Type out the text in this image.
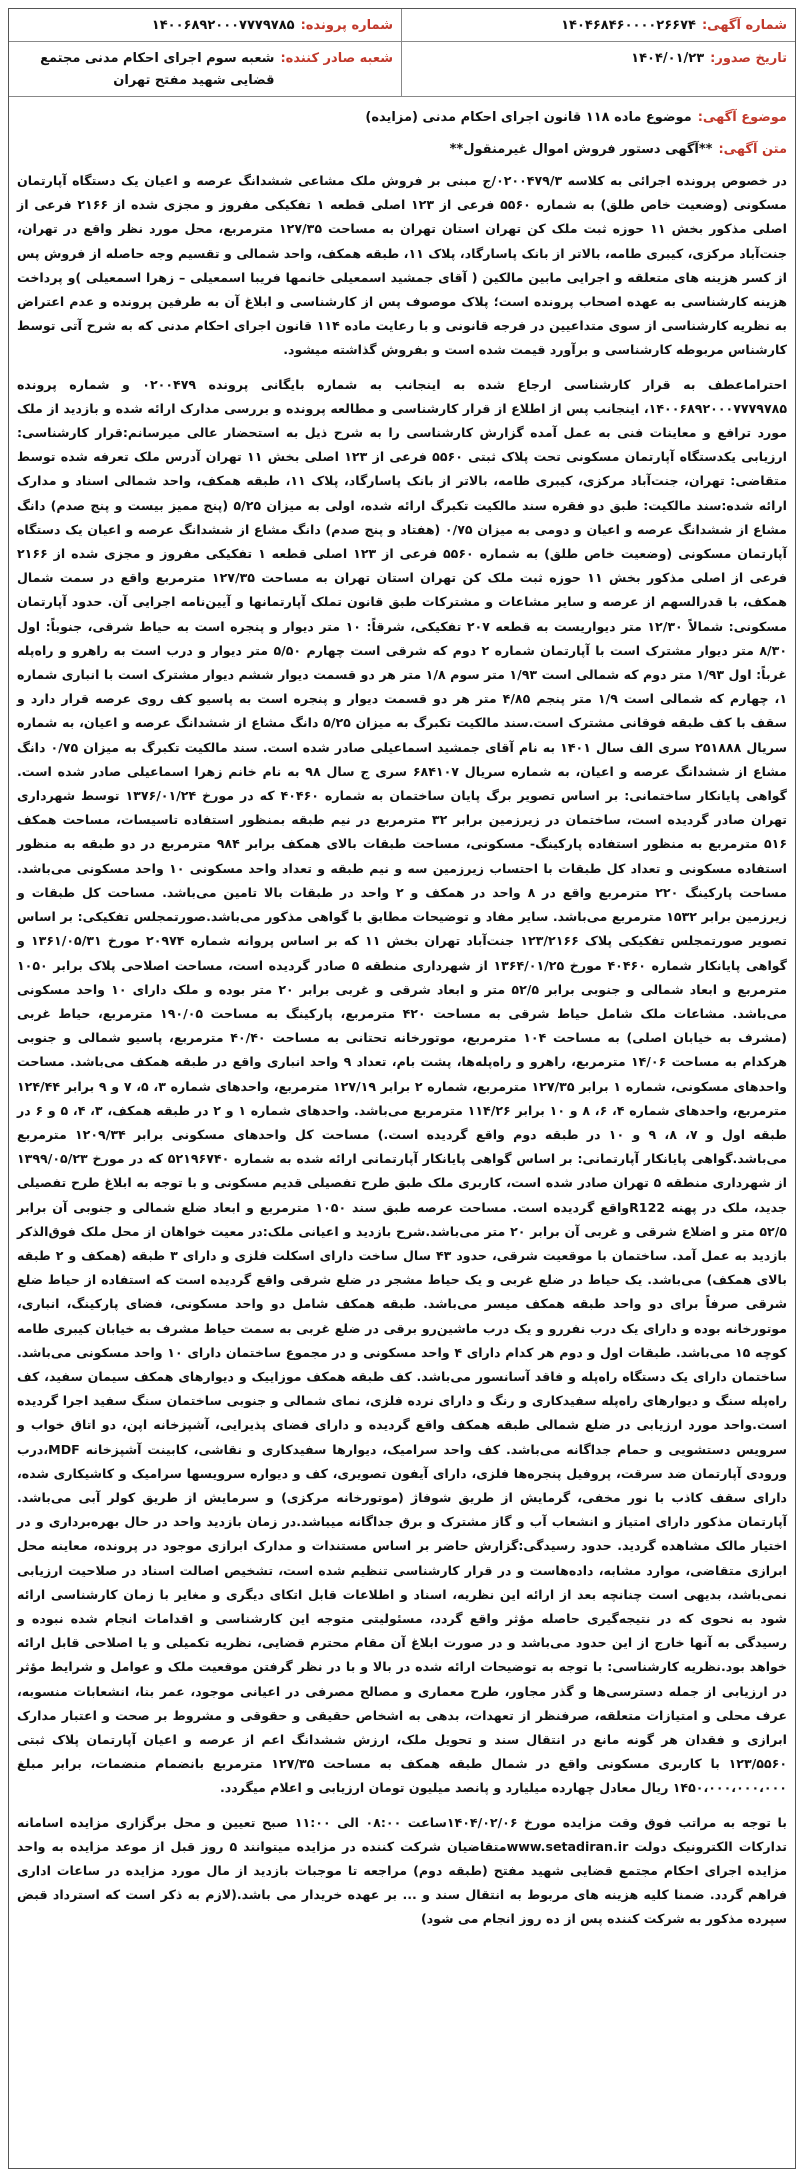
شماره آگهی:
۱۴۰۴۶۸۴۶۰۰۰۰۲۶۶۷۴
شماره پرونده:
۱۴۰۰۶۸۹۲۰۰۰۷۷۷۹۷۸۵
تاریخ صدور:
۱۴۰۴/۰۱/۲۳
شعبه صادر کننده:
شعبه سوم اجرای احکام مدنی مجتمع قضایی شهید مفتح تهران
موضوع آگهی:
موضوع ماده ۱۱۸ قانون اجرای احکام مدنی (مزایده)
متن آگهی:
**آگهی دستور فروش اموال غیرمنقول**

در خصوص پرونده اجرائی به کلاسه ۰۲۰۰۴۷۹/۳/ج مبنی بر فروش ملک مشاعی ششدانگ عرصه و اعیان یک دستگاه آپارتمان مسکونی (وضعیت خاص طلق) به شماره ۵۵۶۰ فرعی از ۱۲۳ اصلی قطعه ۱ تفکیکی مفروز و مجزی شده از ۲۱۶۶ فرعی از اصلی مذکور بخش ۱۱ حوزه ثبت ملک کن تهران استان تهران به مساحت ۱۲۷/۳۵ مترمربع، محل مورد نظر واقع در تهران، جنت‌آباد مرکزی، کیبری طامه، بالاتر از بانک پاسارگاد، پلاک ۱۱، طبقه همکف، واحد شمالی و تقسیم وجه حاصله از فروش پس از کسر هزینه های متعلقه و اجرایی مابین مالکین ( آقای جمشید اسمعیلی خانمها فریبا اسمعیلی – زهرا اسمعیلی )و پرداخت هزینه کارشناسی به عهده اصحاب پرونده است؛ پلاک موصوف پس از کارشناسی و ابلاغ آن به طرفین پرونده و عدم اعتراض به نظریه کارشناسی از سوی متداعیین در فرجه قانونی و با رعایت ماده ۱۱۴ قانون اجرای احکام مدنی که به شرح آتی توسط کارشناس مربوطه کارشناسی و برآورد قیمت شده است و بفروش گذاشته میشود.

احتراماعطف به قرار کارشناسی ارجاع شده به اینجانب به شماره بایگانی پرونده ۰۲۰۰۴۷۹ و شماره پرونده ۱۴۰۰۶۸۹۲۰۰۰۷۷۷۹۷۸۵، اینجانب پس از اطلاع از قرار کارشناسی و مطالعه پرونده و بررسی مدارک ارائه شده و بازدید از ملک مورد ترافع و معاینات فنی به عمل آمده گزارش کارشناسی را به شرح ذیل به استحضار عالی میرسانم:قرار کارشناسی: ارزیابی یکدستگاه آپارتمان مسکونی تحت پلاک ثبتی ۵۵۶۰ فرعی از ۱۲۳ اصلی بخش ۱۱ تهران آدرس ملک تعرفه شده توسط متقاضی: تهران، جنت‌آباد مرکزی، کیبری طامه، بالاتر از بانک پاسارگاد، پلاک ۱۱، طبقه همکف، واحد شمالی اسناد و مدارک ارائه شده:سند مالکیت: طبق دو فقره سند مالکیت تکبرگ ارائه شده، اولی به میزان ۵/۲۵ (پنج ممیز بیست و پنج صدم) دانگ مشاع از ششدانگ عرصه و اعیان و دومی به میزان ۰/۷۵ (هفتاد و پنج صدم) دانگ مشاع از ششدانگ عرصه و اعیان یک دستگاه آپارتمان مسکونی (وضعیت خاص طلق) به شماره ۵۵۶۰ فرعی از ۱۲۳ اصلی قطعه ۱ تفکیکی مفروز و مجزی شده از ۲۱۶۶ فرعی از اصلی مذکور بخش ۱۱ حوزه ثبت ملک کن تهران استان تهران به مساحت ۱۲۷/۳۵ مترمربع واقع در سمت شمال همکف، با قدرالسهم از عرصه و سایر مشاعات و مشترکات طبق قانون تملک آپارتمانها و آیین‌نامه اجرایی آن. حدود آپارتمان مسکونی: شمالاً ۱۲/۳۰ متر دیواریست به قطعه ۲۰۷ تفکیکی، شرقاً: ۱۰ متر دیوار و پنجره است به حیاط شرقی، جنوباً: اول ۸/۳۰ متر دیوار مشترک است با آپارتمان شماره ۲ دوم که شرقی است چهارم ۵/۵۰ متر دیوار و درب است به راهرو و راه‌پله غرباً: اول ۱/۹۳ متر دوم که شمالی است ۱/۹۳ متر سوم ۱/۸ متر هر دو قسمت دیوار ششم دیوار مشترک است با انباری شماره ۱، چهارم که شمالی است ۱/۹ متر پنجم ۴/۸۵ متر هر دو قسمت دیوار و پنجره است به پاسیو کف روی عرصه قرار دارد و سقف با کف طبقه فوقانی مشترک است.سند مالکیت تکبرگ به میزان ۵/۲۵ دانگ مشاع از ششدانگ عرصه و اعیان، به شماره سریال ۲۵۱۸۸۸ سری الف سال ۱۴۰۱ به نام آقای جمشید اسماعیلی صادر شده است. سند مالکیت تکبرگ به میزان ۰/۷۵ دانگ مشاع از ششدانگ عرصه و اعیان، به شماره سریال ۶۸۴۱۰۷ سری ج سال ۹۸ به نام خانم زهرا اسماعیلی صادر شده است. گواهی پایانکار ساختمانی: بر اساس تصویر برگ پایان ساختمان به شماره ۴۰۴۶۰ که در مورخ ۱۳۷۶/۰۱/۲۴ توسط شهرداری تهران صادر گردیده است، ساختمان در زیرزمین برابر ۳۲ مترمربع در نیم طبقه بمنظور استفاده تاسیسات، مساحت همکف ۵۱۶ مترمربع به منظور استفاده پارکینگ- مسکونی، مساحت طبقات بالای همکف برابر ۹۸۴ مترمربع در دو طبقه به منظور استفاده مسکونی و تعداد کل طبقات با احتساب زیرزمین سه و نیم طبقه و تعداد واحد مسکونی ۱۰ واحد مسکونی می‌باشد. مساحت پارکینگ ۲۲۰ مترمربع واقع در ۸ واحد در همکف و ۲ واحد در طبقات بالا تامین می‌باشد. مساحت کل طبقات و زیرزمین برابر ۱۵۳۲ مترمربع می‌باشد. سایر مفاد و توضیحات مطابق با گواهی مذکور می‌باشد.صورتمجلس تفکیکی: بر اساس تصویر صورتمجلس تفکیکی پلاک ۱۲۳/۲۱۶۶ جنت‌آباد تهران بخش ۱۱ که بر اساس پروانه شماره ۲۰۹۷۴ مورخ ۱۳۶۱/۰۵/۳۱ و گواهی پایانکار شماره ۴۰۴۶۰ مورخ ۱۳۶۴/۰۱/۲۵ از شهرداری منطقه ۵ صادر گردیده است، مساحت اصلاحی پلاک برابر ۱۰۵۰ مترمربع و ابعاد شمالی و جنوبی برابر ۵۲/۵ متر و ابعاد شرقی و غربی برابر ۲۰ متر بوده و ملک دارای ۱۰ واحد مسکونی می‌باشد. مشاعات ملک شامل حیاط شرقی به مساحت ۴۲۰ مترمربع، پارکینگ به مساحت ۱۹۰/۰۵ مترمربع، حیاط غربی (مشرف به خیابان اصلی) به مساحت ۱۰۴ مترمربع، موتورخانه تحتانی به مساحت ۴۰/۴۰ مترمربع، پاسیو شمالی و جنوبی هرکدام به مساحت ۱۴/۰۶ مترمربع، راهرو و راه‌پله‌ها، پشت بام، تعداد ۹ واحد انباری واقع در طبقه همکف می‌باشد. مساحت واحدهای مسکونی، شماره ۱ برابر ۱۲۷/۳۵ مترمربع، شماره ۲ برابر ۱۲۷/۱۹ مترمربع، واحدهای شماره ۳، ۵، ۷ و ۹ برابر ۱۲۴/۴۴ مترمربع، واحدهای شماره ۴، ۶، ۸ و ۱۰ برابر ۱۱۴/۲۶ مترمربع می‌باشد. واحدهای شماره ۱ و ۲ در طبقه همکف، ۳، ۴، ۵ و ۶ در طبقه اول و ۷، ۸، ۹ و ۱۰ در طبقه دوم واقع گردیده است.) مساحت کل واحدهای مسکونی برابر ۱۲۰۹/۳۴ مترمربع می‌باشد.گواهی پایانکار آپارتمانی: بر اساس گواهی پایانکار آپارتمانی ارائه شده به شماره ۵۲۱۹۶۷۴۰ که در مورخ ۱۳۹۹/۰۵/۲۳ از شهرداری منطقه ۵ تهران صادر شده است، کاربری ملک طبق طرح تفصیلی قدیم مسکونی و با توجه به ابلاغ طرح تفصیلی جدید، ملک در پهنه R122واقع گردیده است. مساحت عرصه طبق سند ۱۰۵۰ مترمربع و ابعاد ضلع شمالی و جنوبی آن برابر ۵۲/۵ متر و اضلاع شرقی و غربی آن برابر ۲۰ متر می‌باشد.شرح بازدید و اعیانی ملک:در معیت خواهان از محل ملک فوق‌الذکر بازدید به عمل آمد. ساختمان با موقعیت شرقی، حدود ۴۳ سال ساخت دارای اسکلت فلزی و دارای ۳ طبقه (همکف و ۲ طبقه بالای همکف) می‌باشد. یک حیاط در ضلع غربی و یک حیاط مشجر در ضلع شرقی واقع گردیده است که استفاده از حیاط ضلع شرقی صرفاً برای دو واحد طبقه همکف میسر می‌باشد. طبقه همکف شامل دو واحد مسکونی، فضای پارکینگ، انباری، موتورخانه بوده و دارای یک درب نفررو و یک درب ماشین‌رو برقی در ضلع غربی به سمت حیاط مشرف به خیابان کیبری طامه کوچه ۱۵ می‌باشد. طبقات اول و دوم هر کدام دارای ۴ واحد مسکونی و در مجموع ساختمان دارای ۱۰ واحد مسکونی می‌باشد. ساختمان دارای یک دستگاه راه‌پله و فاقد آسانسور می‌باشد. کف طبقه همکف موزاییک و دیوارهای همکف سیمان سفید، کف راه‌پله سنگ و دیوارهای راه‌پله سفیدکاری و رنگ و دارای نرده فلزی، نمای شمالی و جنوبی ساختمان سنگ سفید اجرا گردیده است.واحد مورد ارزیابی در ضلع شمالی طبقه همکف واقع گردیده و دارای فضای پذیرایی، آشپزخانه اپن، دو اتاق خواب و سرویس دستشویی و حمام جداگانه می‌باشد. کف واحد سرامیک، دیوارها سفیدکاری و نقاشی، کابینت آشپزخانه MDF،درب ورودی آپارتمان ضد سرقت، پروفیل پنجره‌ها فلزی، دارای آیفون تصویری، کف و دیواره سرویسها سرامیک و کاشیکاری شده، دارای سقف کاذب با نور مخفی، گرمایش از طریق شوفاژ (موتورخانه مرکزی) و سرمایش از طریق کولر آبی می‌باشد. آپارتمان مذکور دارای امتیاز و انشعاب آب و گاز مشترک و برق جداگانه میباشد.در زمان بازدید واحد در حال بهره‌برداری و در اختیار مالک مشاهده گردید. حدود رسیدگی:گزارش حاضر بر اساس مستندات و مدارک ابرازی موجود در پرونده، معاینه محل ابرازی متقاضی، موارد مشابه، داده‌هاست و در قرار کارشناسی تنظیم شده است، تشخیص اصالت اسناد در صلاحیت ارزیابی نمی‌باشد، بدیهی است چنانچه بعد از ارائه این نظریه، اسناد و اطلاعات قابل اتکای دیگری و مغایر با زمان کارشناسی ارائه شود به نحوی که در نتیجه‌گیری حاصله مؤثر واقع گردد، مسئولیتی متوجه این کارشناسی و اقدامات انجام شده نبوده و رسیدگی به آنها خارج از این حدود می‌باشد و در صورت ابلاغ آن مقام محترم قضایی، نظریه تکمیلی و یا اصلاحی قابل ارائه خواهد بود.نظریه کارشناسی: با توجه به توضیحات ارائه شده در بالا و با در نظر گرفتن موقعیت ملک و عوامل و شرایط مؤثر در ارزیابی از جمله دسترسی‌ها و گذر مجاور، طرح معماری و مصالح مصرفی در اعیانی موجود، عمر بنا، انشعابات منسوبه، عرف محلی و امتیازات متعلقه، صرفنظر از تعهدات، بدهی به اشخاص حقیقی و حقوقی و مشروط بر صحت و اعتبار مدارک ابرازی و فقدان هر گونه مانع در انتقال سند و تحویل ملک، ارزش ششدانگ اعم از عرصه و اعیان آپارتمان پلاک ثبتی ۱۲۳/۵۵۶۰ با کاربری مسکونی واقع در شمال طبقه همکف به مساحت ۱۲۷/۳۵ مترمربع بانضمام منضمات، برابر مبلغ ۱۴۵۰،۰۰۰،۰۰۰،۰۰۰ ریال معادل چهارده میلیارد و پانصد میلیون تومان ارزیابی و اعلام میگردد.

با توجه به مراتب فوق وقت مزایده مورخ ۱۴۰۴/۰۲/۰۶ساعت ۰۸:۰۰ الی ۱۱:۰۰ صبح تعیین و محل برگزاری مزایده اسامانه تدارکات الکترونیک دولت www.setadiran.irمتقاضیان شرکت کننده در مزایده میتوانند ۵ روز قبل از موعد مزایده به واحد مزایده اجرای احکام مجتمع قضایی شهید مفتح (طبقه دوم) مراجعه تا موجبات بازدید از مال مورد مزایده در ساعات اداری فراهم گردد. ضمنا کلیه هزینه های مربوط به انتقال سند و ... بر عهده خریدار می باشد.(لازم به ذکر است که استرداد قبض سپرده مذکور به شرکت کننده پس از ده روز انجام می شود)
